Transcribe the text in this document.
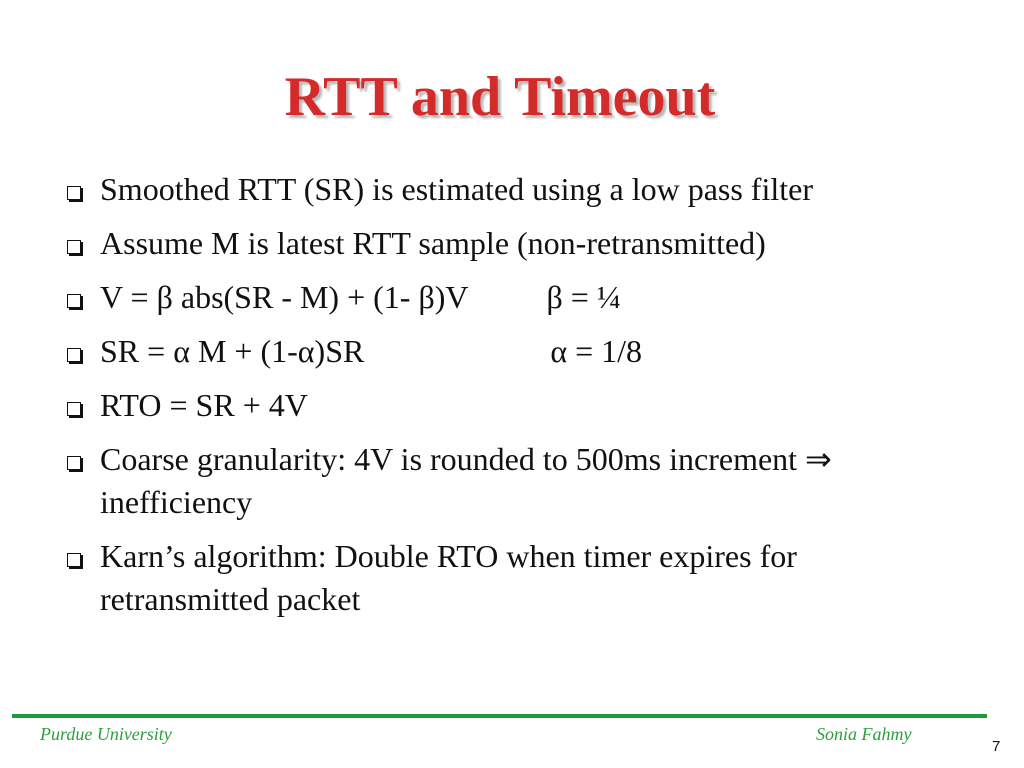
RTT and Timeout
Smoothed RTT (SR) is estimated using a low pass filter
Assume M is latest RTT sample (non-retransmitted)
V = β abs(SR - M) + (1- β)V β = ¼
SR = α M + (1-α)SR	α = 1/8
RTO = SR + 4V
Coarse granularity: 4V is rounded to 500ms increment ⇒ inefficiency
Karn’s algorithm: Double RTO when timer expires for retransmitted packet
Purdue University	Sonia Fahmy
7
